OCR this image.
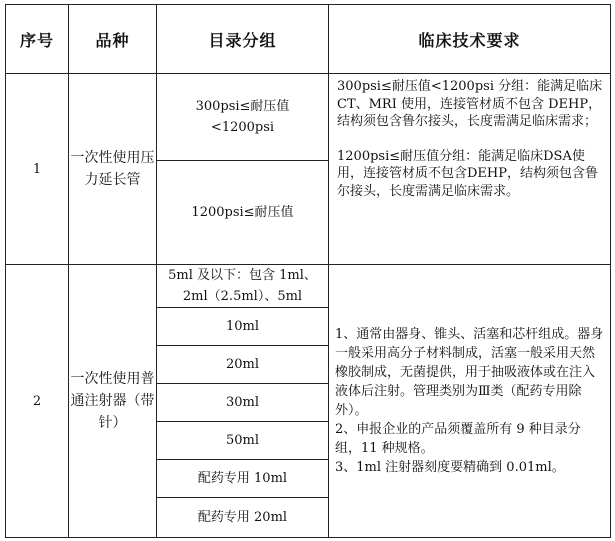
序号	品种	目录分组	临床技术要求
1	一次性使用压力延长管	300psi≤耐压值<1200psi	300psi≤耐压值<1200psi 分组：能满足临床 CT、MRI 使用，连接管材质不包含 DEHP，结构须包含鲁尔接头，长度需满足临床需求；

1200psi≤耐压值分组：能满足临床DSA使用，连接管材质不包含DEHP，结构须包含鲁尔接头，长度需满足临床需求。

		1200psi≤耐压值	
2	一次性使用普通注射器（带针）	5ml 及以下：包含 1ml、2ml（2.5ml）、5ml	1、通常由器身、锥头、活塞和芯杆组成。器身一般采用高分子材料制成，活塞一般采用天然橡胶制成，无菌提供，用于抽吸液体或在注入液体后注射。管理类别为Ⅲ类（配药专用除外）。

2、申报企业的产品须覆盖所有 9 种目录分组，11 种规格。

3、1ml 注射器刻度要精确到 0.01ml。

		10ml	
		20ml	
		30ml	
		50ml	
		配药专用 10ml	
		配药专用 20ml	
